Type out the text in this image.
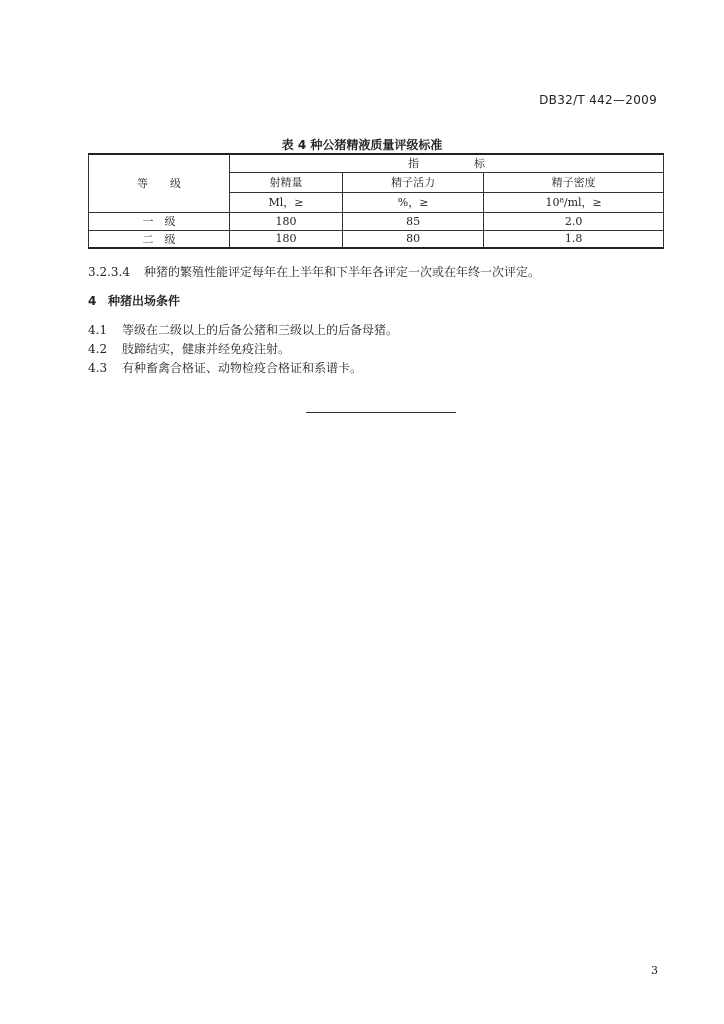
DB32/T 442—2009
表 4 种公猪精液质量评级标准
等　　级	指　　　　　标		
	射精量	精子活力	精子密度
	Ml，≥	%，≥	10⁸/ml，≥
一　级	180	85	2.0
二　级	180	80	1.8
3.2.3.4 种猪的繁殖性能评定每年在上半年和下半年各评定一次或在年终一次评定。
4 种猪出场条件
4.1 等级在二级以上的后备公猪和三级以上的后备母猪。
4.2 肢蹄结实，健康并经免疫注射。
4.3 有种畜禽合格证、动物检疫合格证和系谱卡。
3
